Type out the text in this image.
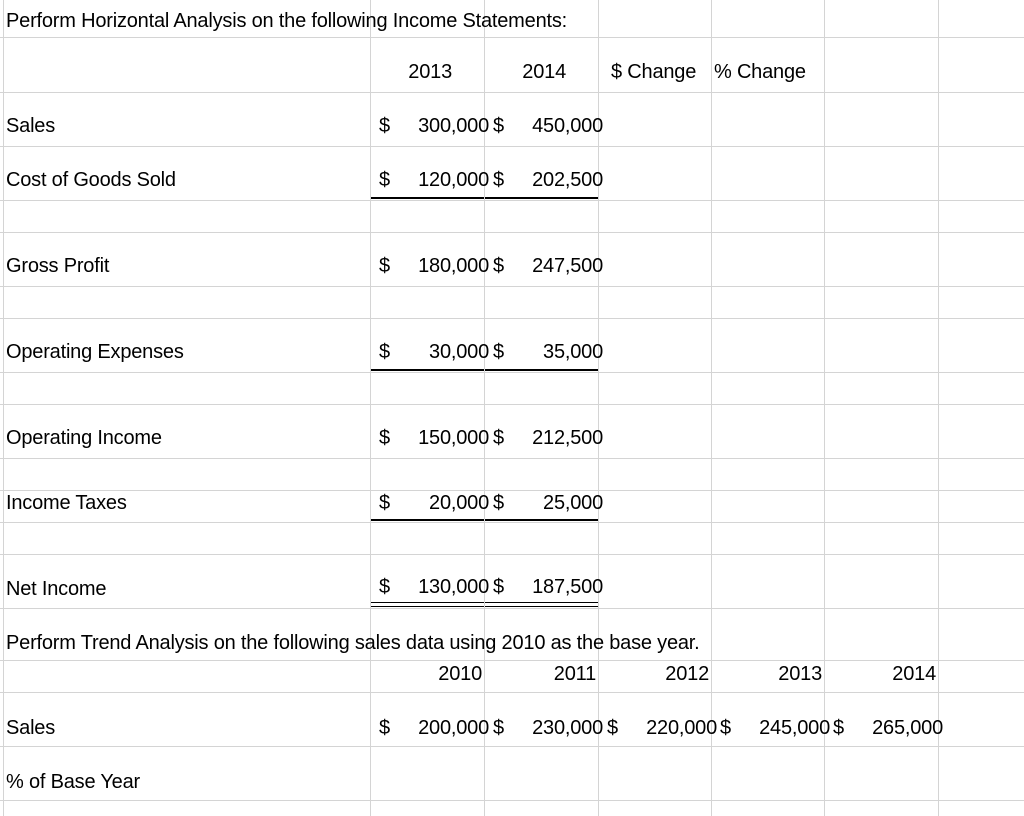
Perform Horizontal Analysis on the following Income Statements:
2013	2014 $ Change % Change
Sales	$ 300,000 $ 450,000
Cost of Goods Sold	$ 120,000 $ 202,500
Gross Profit	$ 180,000 $ 247,500
Operating Expenses	$ 30,000 $ 35,000
Operating Income	$ 150,000 $ 212,500
Income Taxes	$ 20,000 $ 25,000
Net Income	$ 130,000 $ 187,500
Perform Trend Analysis on the following sales data using 2010 as the base year.
2010	2011	2012	2013	2014
Sales	$ 200,000 $ 230,000 $ 220,000 $ 245,000 $ 265,000
% of Base Year
